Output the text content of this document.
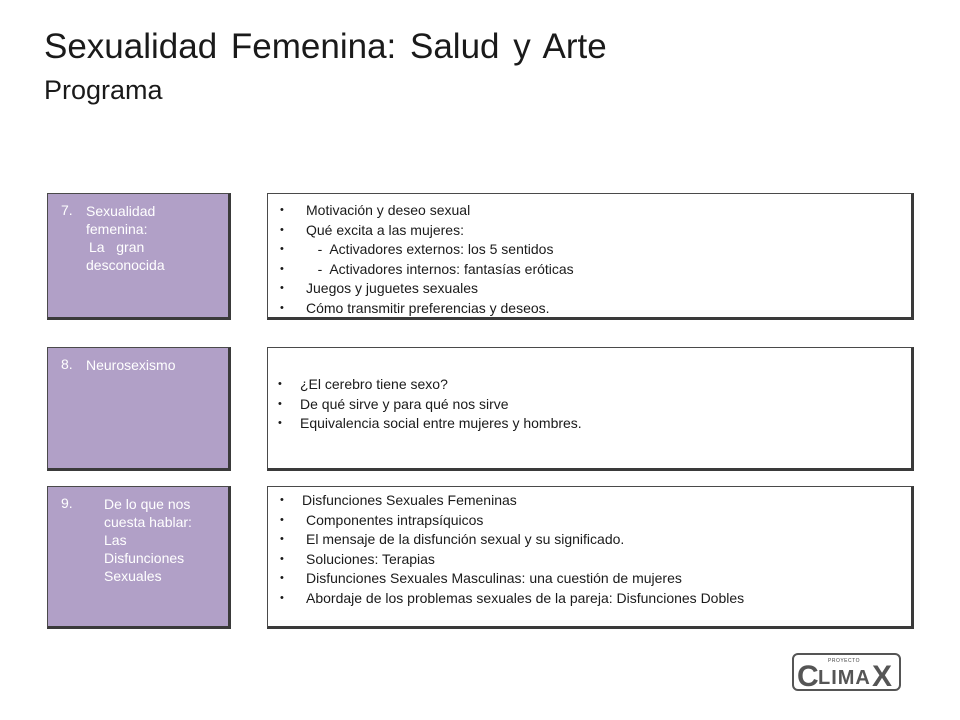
Sexualidad Femenina: Salud y Arte
Programa
7. Sexualidad
femenina:
La   gran
desconocida
• Motivación y deseo sexual
• Qué excita a las mujeres:
•    -  Activadores externos: los 5 sentidos
•    -  Activadores internos: fantasías eróticas
• Juegos y juguetes sexuales
• Cómo transmitir preferencias y deseos.
8. Neurosexismo
• ¿El cerebro tiene sexo?
• De qué sirve y para qué nos sirve
• Equivalencia social entre mujeres y hombres.
9. De lo que nos
cuesta hablar:
Las
Disfunciones
Sexuales
• Disfunciones Sexuales Femeninas
• Componentes intrapsíquicos
• El mensaje de la disfunción sexual y su significado.
• Soluciones: Terapias
• Disfunciones Sexuales Masculinas: una cuestión de mujeres
• Abordaje de los problemas sexuales de la pareja: Disfunciones Dobles
PROYECTO
C LIMA X
